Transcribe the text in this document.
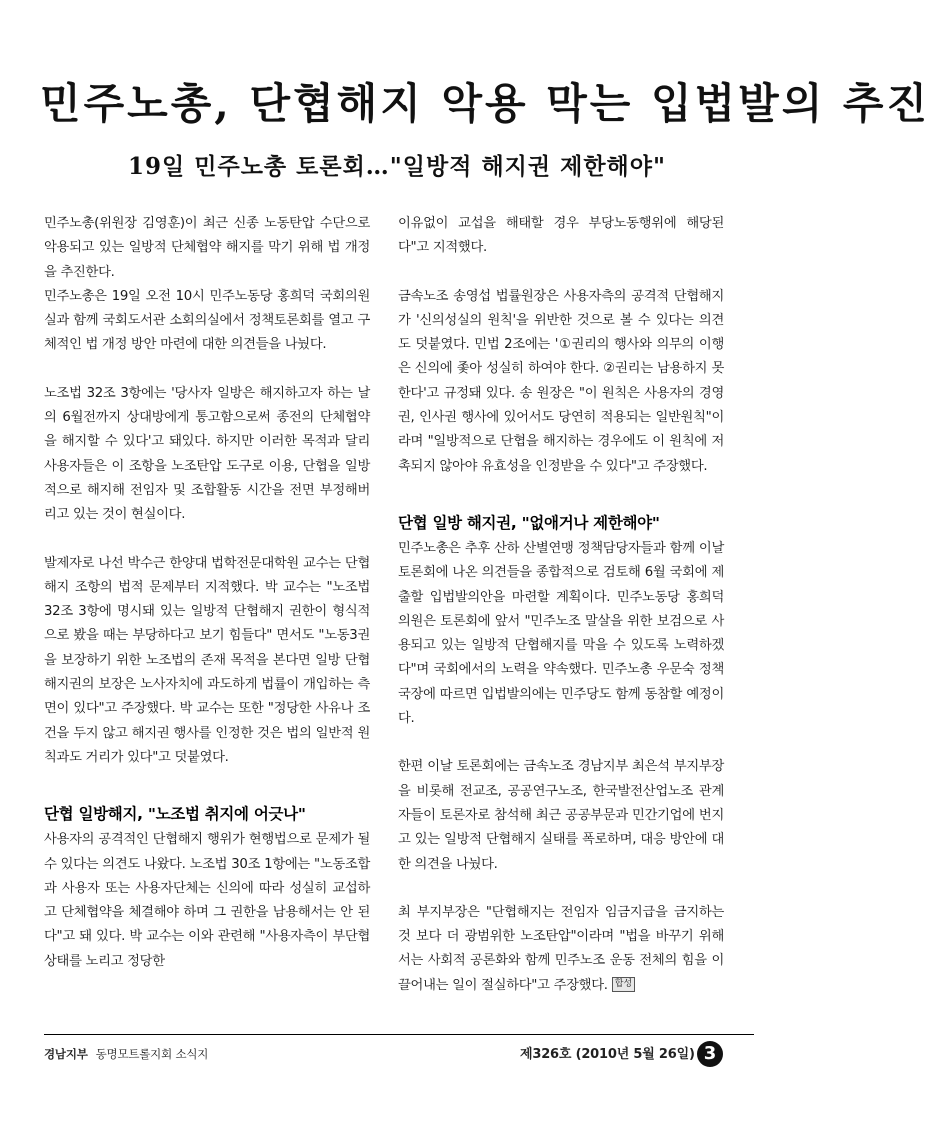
민주노총, 단협해지 악용 막는 입법발의 추진
19일 민주노총 토론회…"일방적 해지권 제한해야"

민주노총(위원장 김영훈)이 최근 신종 노동탄압 수단으로 악용되고 있는 일방적 단체협약 해지를 막기 위해 법 개정을 추진한다.

민주노총은 19일 오전 10시 민주노동당 홍희덕 국회의원실과 함께 국회도서관 소회의실에서 정책토론회를 열고 구체적인 법 개정 방안 마련에 대한 의견들을 나눴다.

노조법 32조 3항에는 '당사자 일방은 해지하고자 하는 날의 6월전까지 상대방에게 통고함으로써 종전의 단체협약을 해지할 수 있다'고 돼있다. 하지만 이러한 목적과 달리 사용자들은 이 조항을 노조탄압 도구로 이용, 단협을 일방적으로 해지해 전임자 및 조합활동 시간을 전면 부정해버리고 있는 것이 현실이다.

발제자로 나선 박수근 한양대 법학전문대학원 교수는 단협해지 조항의 법적 문제부터 지적했다. 박 교수는 "노조법 32조 3항에 명시돼 있는 일방적 단협해지 권한이 형식적으로 봤을 때는 부당하다고 보기 힘들다" 면서도 "노동3권을 보장하기 위한 노조법의 존재 목적을 본다면 일방 단협해지권의 보장은 노사자치에 과도하게 법률이 개입하는 측면이 있다"고 주장했다. 박 교수는 또한 "정당한 사유나 조건을 두지 않고 해지권 행사를 인정한 것은 법의 일반적 원칙과도 거리가 있다"고 덧붙였다.

단협 일방해지, "노조법 취지에 어긋나"

사용자의 공격적인 단협해지 행위가 현행법으로 문제가 될 수 있다는 의견도 나왔다. 노조법 30조 1항에는 "노동조합과 사용자 또는 사용자단체는 신의에 따라 성실히 교섭하고 단체협약을 체결해야 하며 그 권한을 남용해서는 안 된다"고 돼 있다. 박 교수는 이와 관련해 "사용자측이 부단협 상태를 노리고 정당한

이유없이 교섭을 해태할 경우 부당노동행위에 해당된다"고 지적했다.

금속노조 송영섭 법률원장은 사용자측의 공격적 단협해지가 '신의성실의 원칙'을 위반한 것으로 볼 수 있다는 의견도 덧붙였다. 민법 2조에는 '①권리의 행사와 의무의 이행은 신의에 좇아 성실히 하여야 한다. ②권리는 남용하지 못한다'고 규정돼 있다. 송 원장은 "이 원칙은 사용자의 경영권, 인사권 행사에 있어서도 당연히 적용되는 일반원칙"이라며 "일방적으로 단협을 해지하는 경우에도 이 원칙에 저촉되지 않아야 유효성을 인정받을 수 있다"고 주장했다.

단협 일방 해지권, "없애거나 제한해야"

민주노총은 추후 산하 산별연맹 정책담당자들과 함께 이날 토론회에 나온 의견들을 종합적으로 검토해 6월 국회에 제출할 입법발의안을 마련할 계획이다. 민주노동당 홍희덕 의원은 토론회에 앞서 "민주노조 말살을 위한 보검으로 사용되고 있는 일방적 단협해지를 막을 수 있도록 노력하겠다"며 국회에서의 노력을 약속했다. 민주노총 우문숙 정책국장에 따르면 입법발의에는 민주당도 함께 동참할 예정이다.

한편 이날 토론회에는 금속노조 경남지부 최은석 부지부장을 비롯해 전교조, 공공연구노조, 한국발전산업노조 관계자들이 토론자로 참석해 최근 공공부문과 민간기업에 번지고 있는 일방적 단협해지 실태를 폭로하며, 대응 방안에 대한 의견을 나눴다.

최 부지부장은 "단협해지는 전임자 임금지급을 금지하는 것 보다 더 광범위한 노조탄압"이라며 "법을 바꾸기 위해서는 사회적 공론화와 함께 민주노조 운동 전체의 힘을 이끌어내는 일이 절실하다"고 주장했다. 합성

경남지부 동명모트롤지회 소식지	제326호 (2010년 5월 26일) 3
